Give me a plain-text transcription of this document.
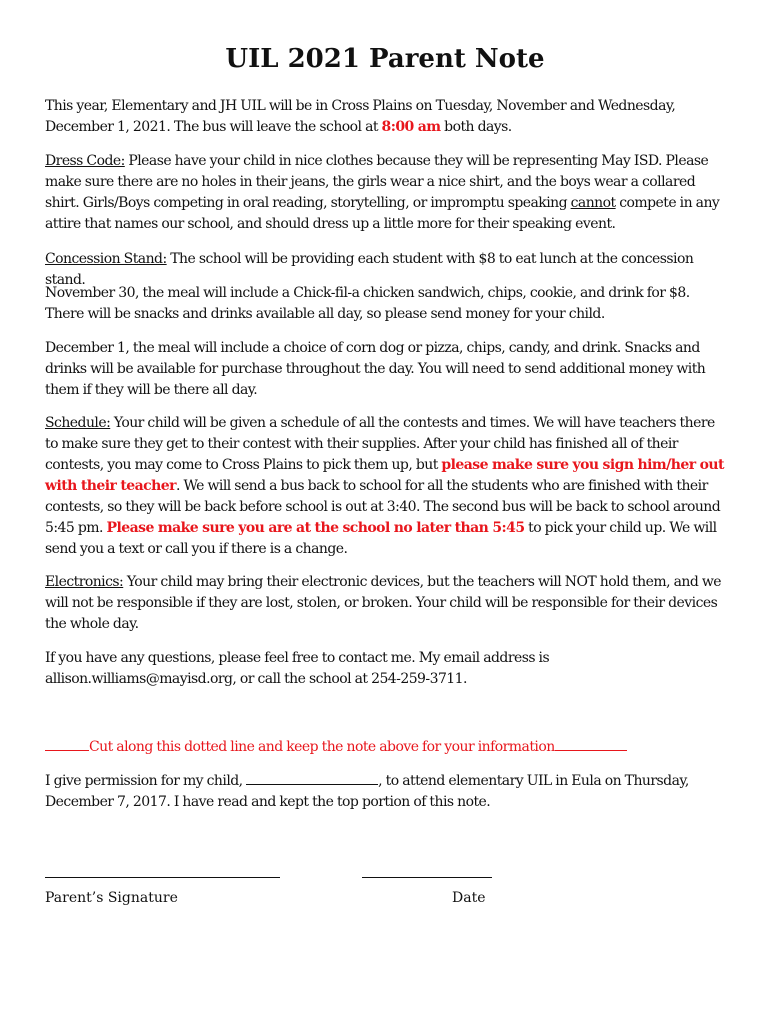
UIL 2021 Parent Note

This year, Elementary and JH UIL will be in Cross Plains on Tuesday, November and Wednesday, December 1, 2021. The bus will leave the school at 8:00 am both days.

Dress Code: Please have your child in nice clothes because they will be representing May ISD. Please make sure there are no holes in their jeans, the girls wear a nice shirt, and the boys wear a collared shirt. Girls/Boys competing in oral reading, storytelling, or impromptu speaking cannot compete in any attire that names our school, and should dress up a little more for their speaking event.

Concession Stand: The school will be providing each student with $8 to eat lunch at the concession stand.

November 30, the meal will include a Chick-fil-a chicken sandwich, chips, cookie, and drink for $8. There will be snacks and drinks available all day, so please send money for your child.

December 1, the meal will include a choice of corn dog or pizza, chips, candy, and drink. Snacks and drinks will be available for purchase throughout the day. You will need to send additional money with them if they will be there all day.

Schedule: Your child will be given a schedule of all the contests and times. We will have teachers there to make sure they get to their contest with their supplies. After your child has finished all of their contests, you may come to Cross Plains to pick them up, but please make sure you sign him/her out with their teacher. We will send a bus back to school for all the students who are finished with their contests, so they will be back before school is out at 3:40. The second bus will be back to school around 5:45 pm. Please make sure you are at the school no later than 5:45 to pick your child up. We will send you a text or call you if there is a change.

Electronics: Your child may bring their electronic devices, but the teachers will NOT hold them, and we will not be responsible if they are lost, stolen, or broken. Your child will be responsible for their devices the whole day.

If you have any questions, please feel free to contact me. My email address is allison.williams@mayisd.org, or call the school at 254-259-3711.

Cut along this dotted line and keep the note above for your information

I give permission for my child,	, to attend elementary UIL in Eula on Thursday, December 7, 2017. I have read and kept the top portion of this note.

Parent’s Signature	Date
